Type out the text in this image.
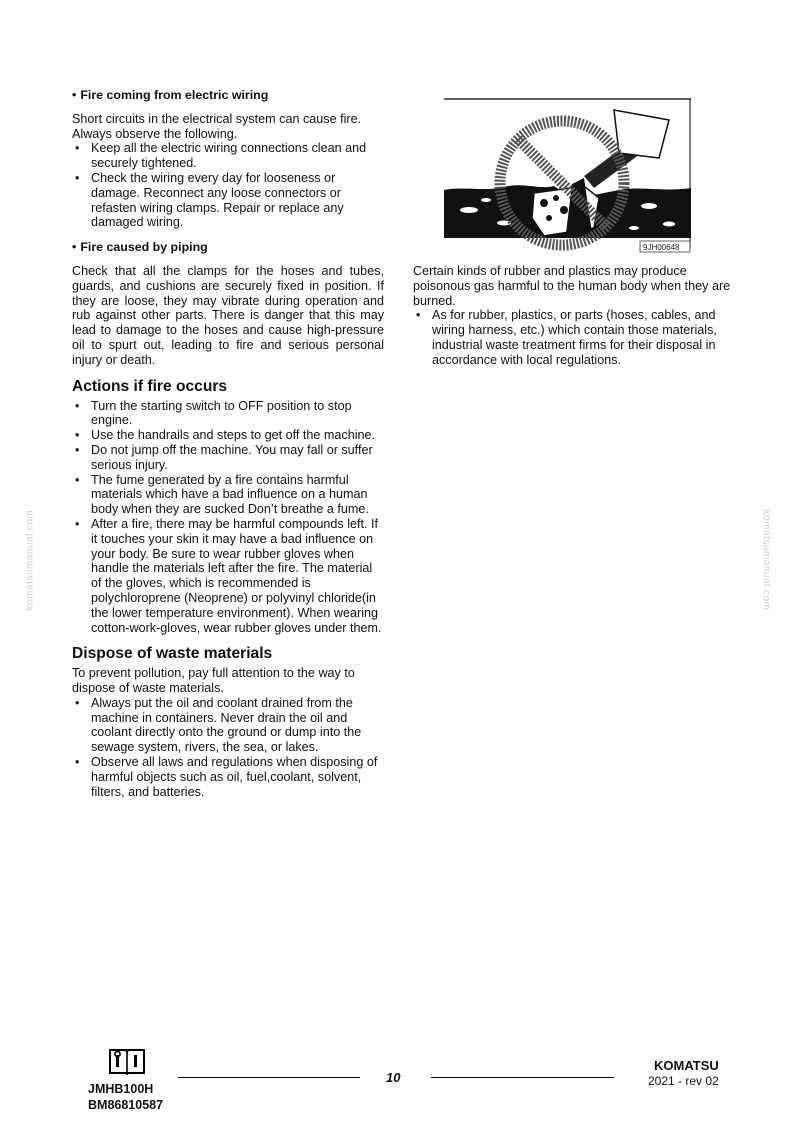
• Fire coming from electric wiring

Short circuits in the electrical system can cause fire. Always observe the following.

• Keep all the electric wiring connections clean and securely tightened.
• Check the wiring every day for looseness or damage. Reconnect any loose connectors or refasten wiring clamps. Repair or replace any damaged wiring.
• Fire caused by piping

Check that all the clamps for the hoses and tubes, guards, and cushions are securely fixed in position. If they are loose, they may vibrate during operation and rub against other parts. There is danger that this may lead to damage to the hoses and cause high-pressure oil to spurt out, leading to fire and serious personal injury or death.

Actions if fire occurs
• Turn the starting switch to OFF position to stop engine.
• Use the handrails and steps to get off the machine.
• Do not jump off the machine. You may fall or suffer serious injury.
• The fume generated by a fire contains harmful materials which have a bad influence on a human body when they are sucked Don’t breathe a fume.
• After a fire, there may be harmful compounds left. If it touches your skin it may have a bad influence on your body. Be sure to wear rubber gloves when handle the materials left after the fire. The material of the gloves, which is recommended is polychloroprene (Neoprene) or polyvinyl chloride(in the lower temperature environment). When wearing cotton-work-gloves, wear rubber gloves under them.
Dispose of waste materials

To prevent pollution, pay full attention to the way to dispose of waste materials.

• Always put the oil and coolant drained from the machine in containers. Never drain the oil and coolant directly onto the ground or dump into the sewage system, rivers, the sea, or lakes.
• Observe all laws and regulations when disposing of harmful objects such as oil, fuel,coolant, solvent, filters, and batteries.
9JH00648

Certain kinds of rubber and plastics may produce poisonous gas harmful to the human body when they are burned.

• As for rubber, plastics, or parts (hoses, cables, and wiring harness, etc.) which contain those materials, industrial waste treatment firms for their disposal in accordance with local regulations.
komatsumanual.com	komatsumanual.com
JMHB100H
BM86810587
10
KOMATSU
2021 - rev 02
